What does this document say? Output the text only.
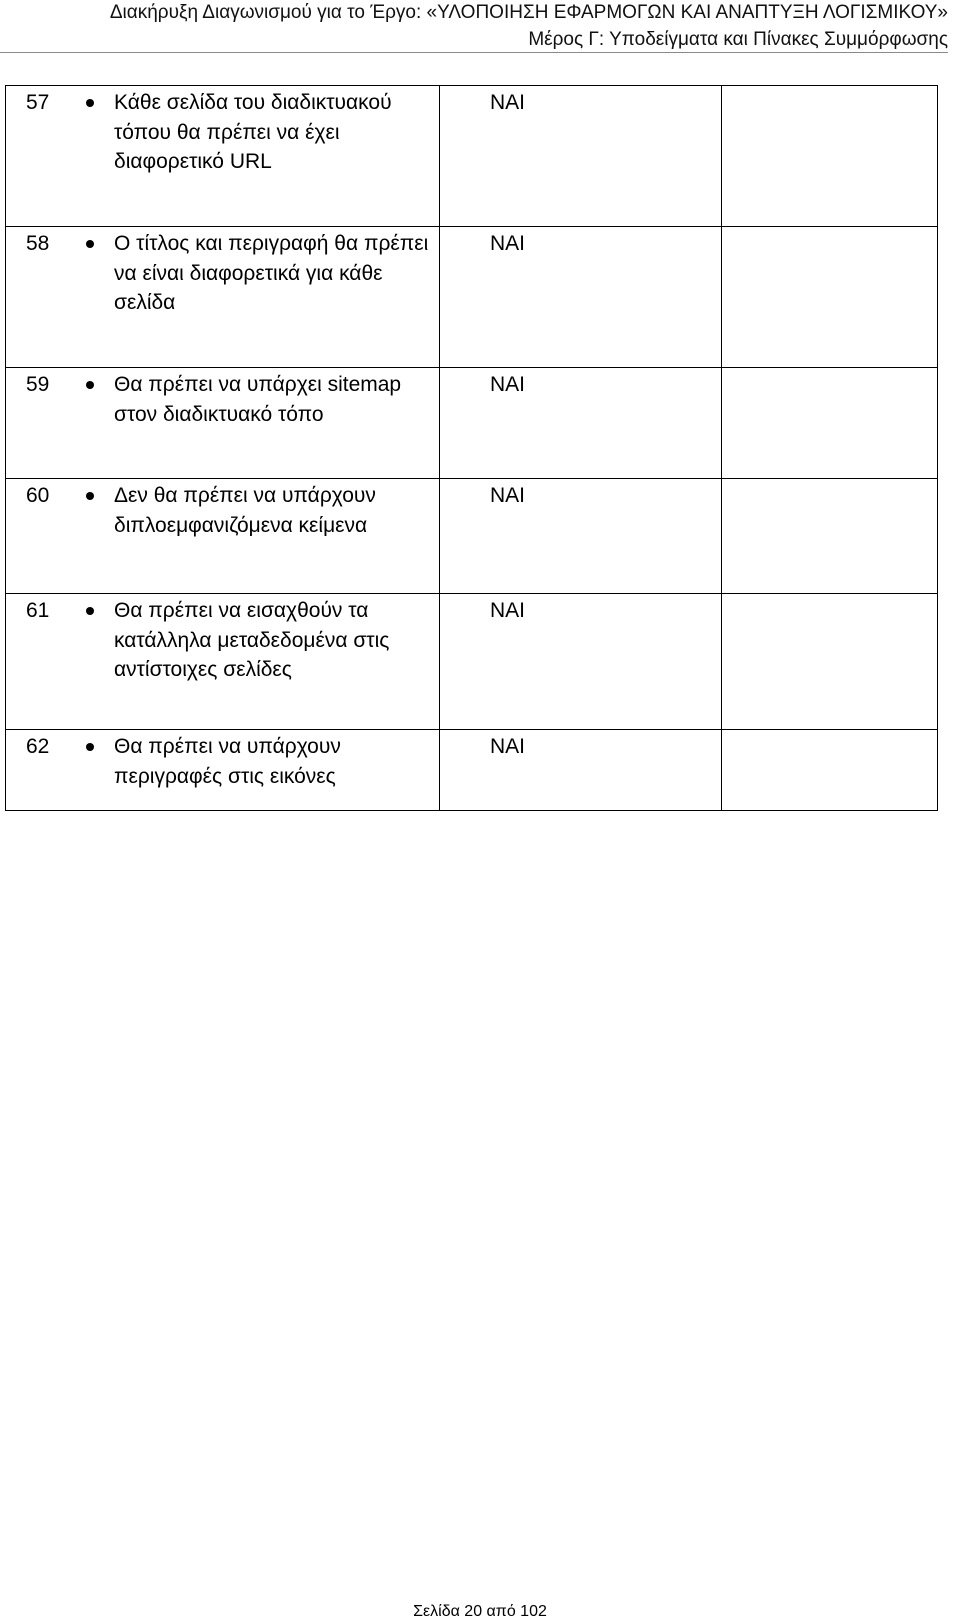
Διακήρυξη Διαγωνισμού για το Έργο: «ΥΛΟΠΟΙΗΣΗ ΕΦΑΡΜΟΓΩΝ ΚΑΙ ΑΝΑΠΤΥΞΗ ΛΟΓΙΣΜΙΚΟΥ»
Μέρος Γ: Υποδείγματα και Πίνακες Συμμόρφωσης
57 Κάθε σελίδα του διαδικτυακού τόπου θα πρέπει να έχει διαφορετικό URL	ΝΑΙ	

58 Ο τίτλος και περιγραφή θα πρέπει να είναι διαφορετικά για κάθε σελίδα	ΝΑΙ	

59 Θα πρέπει να υπάρχει sitemap στον διαδικτυακό τόπο	ΝΑΙ	

60 Δεν θα πρέπει να υπάρχουν διπλοεμφανιζόμενα κείμενα	ΝΑΙ	

61 Θα πρέπει να εισαχθούν τα κατάλληλα μεταδεδομένα στις αντίστοιχες σελίδες	ΝΑΙ	

62 Θα πρέπει να υπάρχουν περιγραφές στις εικόνες	ΝΑΙ	
Σελίδα 20 από 102
